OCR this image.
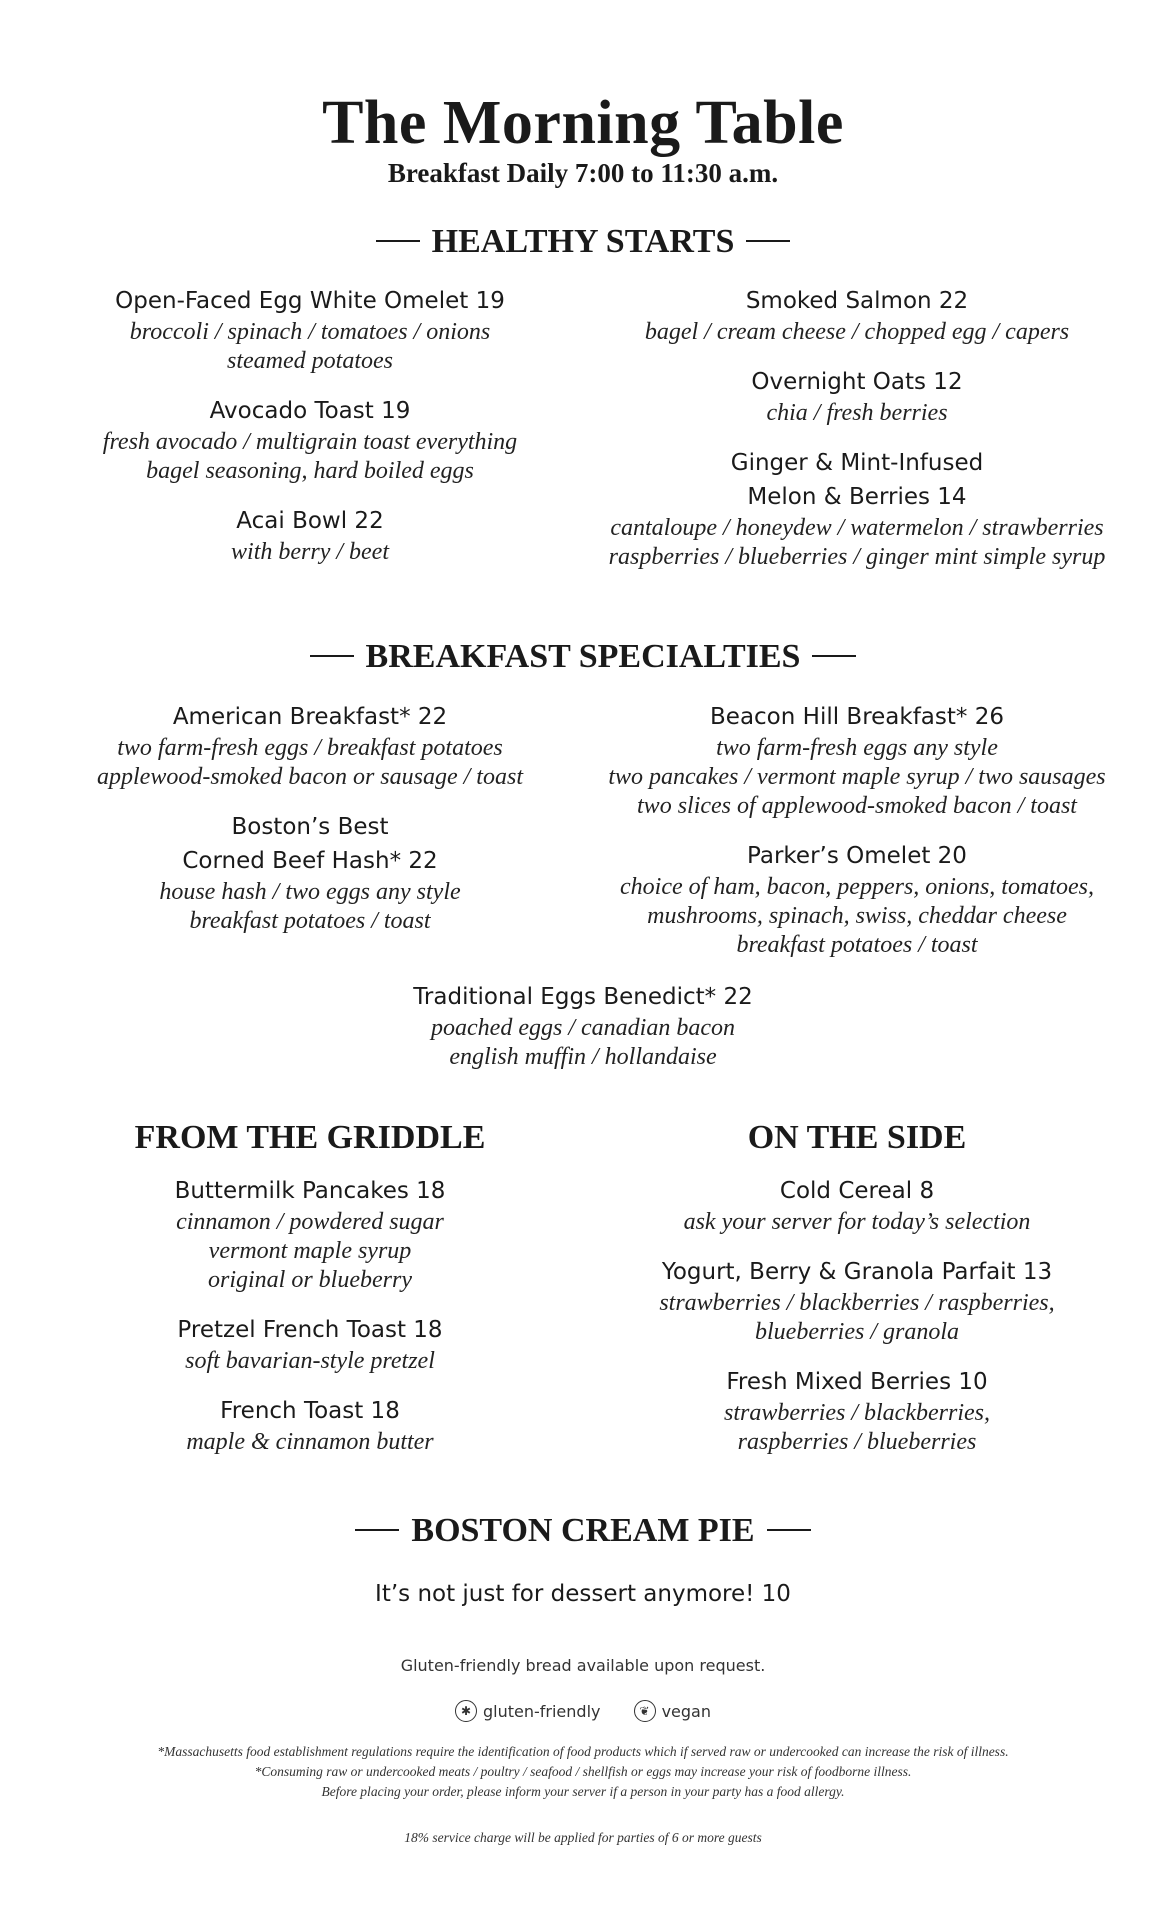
The Morning Table
Breakfast Daily 7:00 to 11:30 a.m.
HEALTHY STARTS
Open-Faced Egg White Omelet 19
broccoli / spinach / tomatoes / onions
steamed potatoes
Avocado Toast 19
fresh avocado / multigrain toast everything
bagel seasoning, hard boiled eggs
Acai Bowl 22
with berry / beet
Smoked Salmon 22
bagel / cream cheese / chopped egg / capers
Overnight Oats 12
chia / fresh berries
Ginger & Mint-Infused
Melon & Berries 14
cantaloupe / honeydew / watermelon / strawberries
raspberries / blueberries / ginger mint simple syrup
BREAKFAST SPECIALTIES
American Breakfast* 22
two farm-fresh eggs / breakfast potatoes
applewood-smoked bacon or sausage / toast
Boston’s Best
Corned Beef Hash* 22
house hash / two eggs any style
breakfast potatoes / toast
Beacon Hill Breakfast* 26
two farm-fresh eggs any style
two pancakes / vermont maple syrup / two sausages
two slices of applewood-smoked bacon / toast
Parker’s Omelet 20
choice of ham, bacon, peppers, onions, tomatoes,
mushrooms, spinach, swiss, cheddar cheese
breakfast potatoes / toast
Traditional Eggs Benedict* 22
poached eggs / canadian bacon
english muffin / hollandaise
FROM THE GRIDDLE
Buttermilk Pancakes 18
cinnamon / powdered sugar
vermont maple syrup
original or blueberry
Pretzel French Toast 18
soft bavarian-style pretzel
French Toast 18
maple & cinnamon butter
ON THE SIDE
Cold Cereal 8
ask your server for today’s selection
Yogurt, Berry & Granola Parfait 13
strawberries / blackberries / raspberries,
blueberries / granola
Fresh Mixed Berries 10
strawberries / blackberries,
raspberries / blueberries
BOSTON CREAM PIE
It’s not just for dessert anymore! 10
Gluten-friendly bread available upon request.
✱ gluten-friendly
	❦ vegan
*Massachusetts food establishment regulations require the identification of food products which if served raw or undercooked can increase the risk of illness.
*Consuming raw or undercooked meats / poultry / seafood / shellfish or eggs may increase your risk of foodborne illness.
Before placing your order, please inform your server if a person in your party has a food allergy.
18% service charge will be applied for parties of 6 or more guests
